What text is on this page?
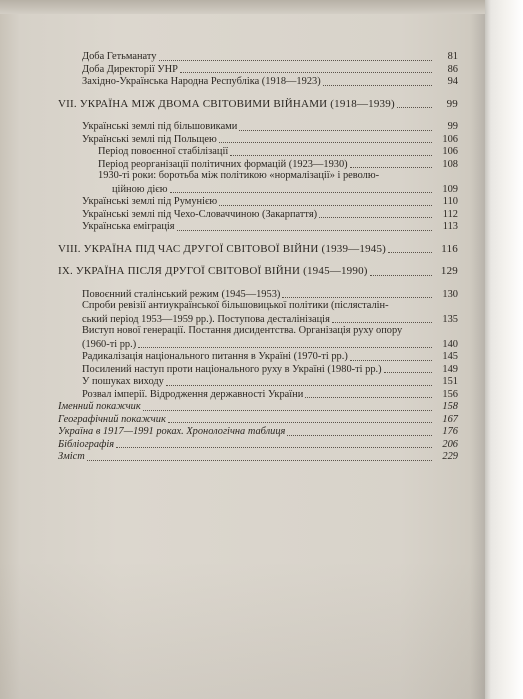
Доба Гетьманату	81
Доба Директорії УНР	86
Західно-Українська Народна Республіка (1918—1923)	94
VII. УКРАЇНА МІЖ ДВОМА СВІТОВИМИ ВІЙНАМИ (1918—1939)	99
Українські землі під більшовиками	99
Українські землі під Польщею	106
Період повоєнної стабілізації	106
Період реорганізації політичних формацій (1923—1930)	108
1930-ті роки: боротьба між політикою «нормалізації» і револю-
ційною дією	109
Українські землі під Румунією	110
Українські землі під Чехо-Словаччиною (Закарпаття)	112
Українська еміграція	113
VIII. УКРАЇНА ПІД ЧАС ДРУГОЇ СВІТОВОЇ ВІЙНИ (1939—1945)	116
IX. УКРАЇНА ПІСЛЯ ДРУГОЇ СВІТОВОЇ ВІЙНИ (1945—1990)	129
Повоєнний сталінський режим (1945—1953)	130
Спроби ревізії антиукраїнської більшовицької політики (післясталін-
ський період 1953—1959 рр.). Поступова десталінізація	135
Виступ нової генерації. Постання дисидентства. Організація руху опору
(1960-ті рр.)	140
Радикалізація національного питання в Україні (1970-ті рр.)	145
Посилений наступ проти національного руху в Україні (1980-ті рр.)	149
У пошуках виходу	151
Розвал імперії. Відродження державності України	156
Іменний покажчик	158
Географічний покажчик	167
Україна в 1917—1991 роках. Хронологічна таблиця	176
Бібліографія	206
Зміст	229
